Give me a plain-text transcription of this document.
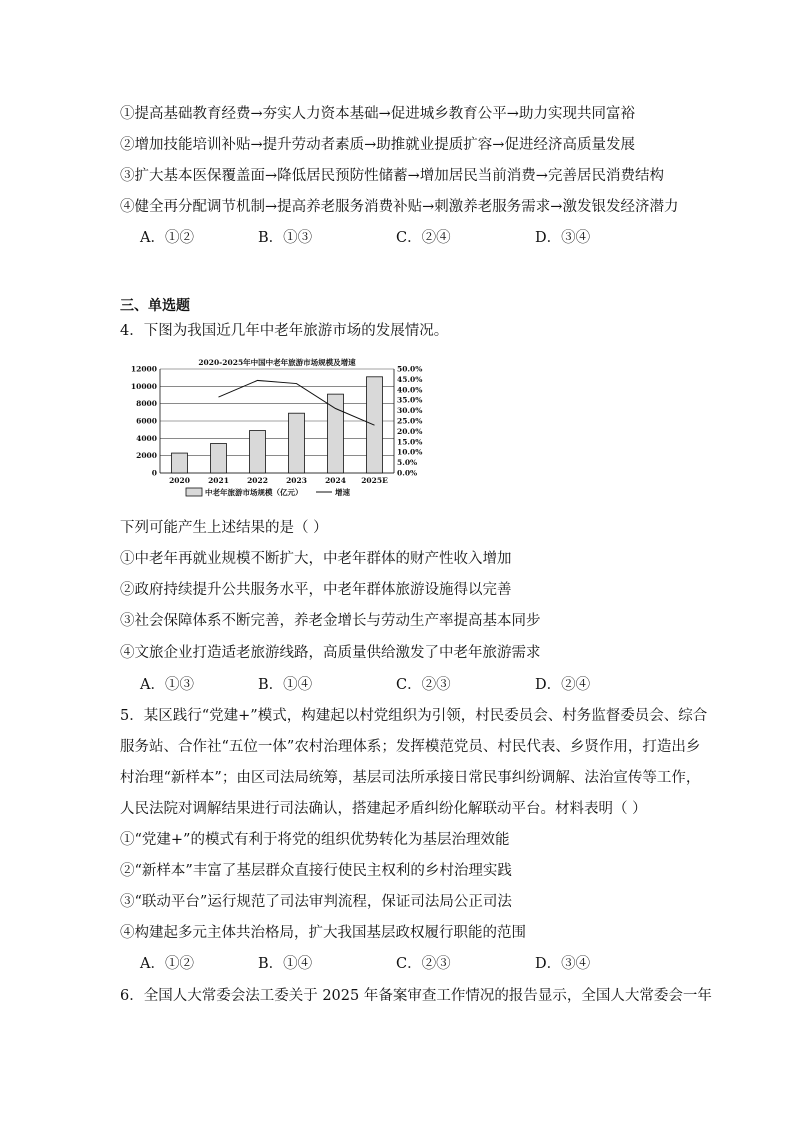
①提高基础教育经费→夯实人力资本基础→促进城乡教育公平→助力实现共同富裕
②增加技能培训补贴→提升劳动者素质→助推就业提质扩容→促进经济高质量发展
③扩大基本医保覆盖面→降低居民预防性储蓄→增加居民当前消费→完善居民消费结构
④健全再分配调节机制→提高养老服务消费补贴→刺激养老服务需求→激发银发经济潜力
A．①②	B．①③	C．②④	D．③④
三、单选题
4．下图为我国近几年中老年旅游市场的发展情况。
2020-2025年中国中老年旅游市场规模及增速
0
2000
4000
6000
8000
10000
12000
0.0%
5.0%
10.0%
15.0%
20.0%
25.0%
30.0%
35.0%
40.0%
45.0%
50.0%
2020 2021 2022 2023 2024 2025E
中老年旅游市场规模（亿元）	增速
下列可能产生上述结果的是（ ）
①中老年再就业规模不断扩大，中老年群体的财产性收入增加
②政府持续提升公共服务水平，中老年群体旅游设施得以完善
③社会保障体系不断完善，养老金增长与劳动生产率提高基本同步
④文旅企业打造适老旅游线路，高质量供给激发了中老年旅游需求
A．①③	B．①④	C．②③	D．②④
5．某区践行“党建+”模式，构建起以村党组织为引领，村民委员会、村务监督委员会、综合
服务站、合作社“五位一体”农村治理体系；发挥模范党员、村民代表、乡贤作用，打造出乡
村治理“新样本”；由区司法局统筹，基层司法所承接日常民事纠纷调解、法治宣传等工作，
人民法院对调解结果进行司法确认，搭建起矛盾纠纷化解联动平台。材料表明（ ）
①“党建+”的模式有利于将党的组织优势转化为基层治理效能
②“新样本”丰富了基层群众直接行使民主权利的乡村治理实践
③“联动平台”运行规范了司法审判流程，保证司法局公正司法
④构建起多元主体共治格局，扩大我国基层政权履行职能的范围
A．①②	B．①④	C．②③	D．③④
6．全国人大常委会法工委关于 2025 年备案审查工作情况的报告显示，全国人大常委会一年
